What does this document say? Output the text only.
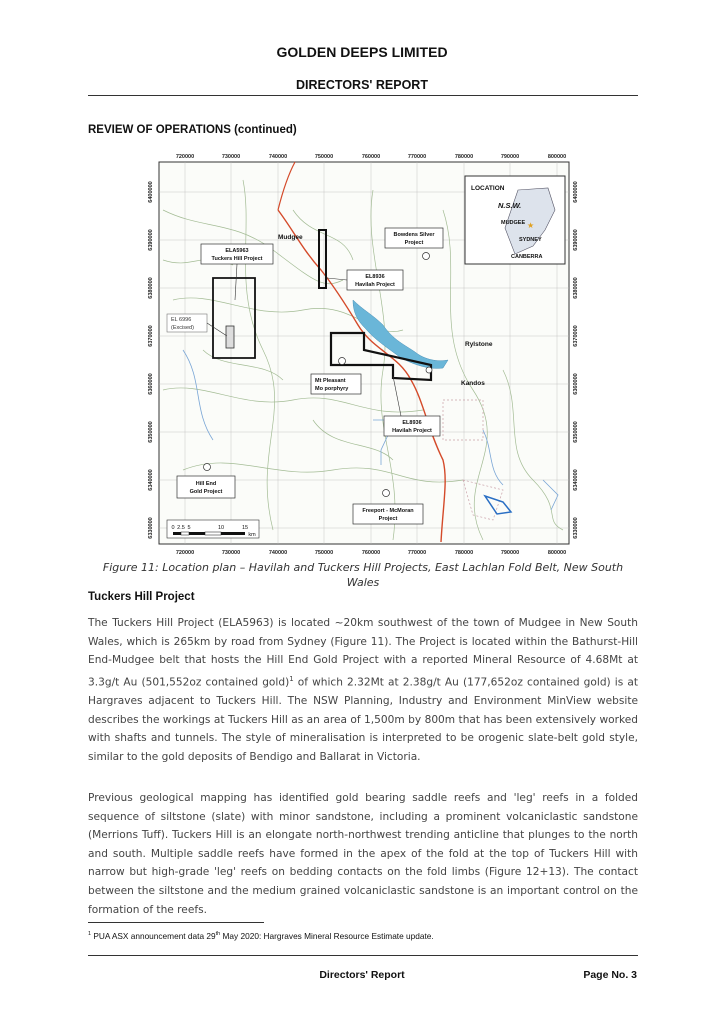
GOLDEN DEEPS LIMITED
DIRECTORS' REPORT
REVIEW OF OPERATIONS (continued)
720000	730000	740000	750000	760000	770000	780000	790000	800000
720000	730000	740000	750000	760000	770000	780000	790000	800000
6400000
6390000
6380000
6370000
6360000
6350000
6340000
6330000
6400000
6390000
6380000
6370000
6360000
6350000
6340000
6330000
LOCATION
N.S.W.
MUDGEE ★
SYDNEY
CANBERRA
Mudgee
Rylstone
Kandos
ELA5963
Tuckers Hill Project
Bowdens Silver
Project
EL8936
Havilah Project
EL 6996
(Excised)
Mt Pleasant
Mo porphyry
EL8936
Havilah Project
Hill End
Gold Project
Freeport - McMoran
Project
0 2.5 5	10	15
km
Figure 11: Location plan – Havilah and Tuckers Hill Projects, East Lachlan Fold Belt, New South Wales
Tuckers Hill Project
The Tuckers Hill Project (ELA5963) is located ~20km southwest of the town of Mudgee in New South Wales, which is 265km by road from Sydney (Figure 11). The Project is located within the Bathurst-Hill End-Mudgee belt that hosts the Hill End Gold Project with a reported Mineral Resource of 4.68Mt at 3.3g/t Au (501,552oz contained gold)$^1$ of which 2.32Mt at 2.38g/t Au (177,652oz contained gold) is at Hargraves adjacent to Tuckers Hill. The NSW Planning, Industry and Environment MinView website describes the workings at Tuckers Hill as an area of 1,500m by 800m that has been extensively worked with shafts and tunnels. The style of mineralisation is interpreted to be orogenic slate-belt gold style, similar to the gold deposits of Bendigo and Ballarat in Victoria.
Previous geological mapping has identified gold bearing saddle reefs and 'leg' reefs in a folded sequence of siltstone (slate) with minor sandstone, including a prominent volcaniclastic sandstone (Merrions Tuff). Tuckers Hill is an elongate north-northwest trending anticline that plunges to the north and south. Multiple saddle reefs have formed in the apex of the fold at the top of Tuckers Hill with narrow but high-grade 'leg' reefs on bedding contacts on the fold limbs (Figure 12+13). The contact between the siltstone and the medium grained volcaniclastic sandstone is an important control on the formation of the reefs.
$^1$ PUA ASX announcement data 29th May 2020: Hargraves Mineral Resource Estimate update.
Directors' Report	Page No. 3
